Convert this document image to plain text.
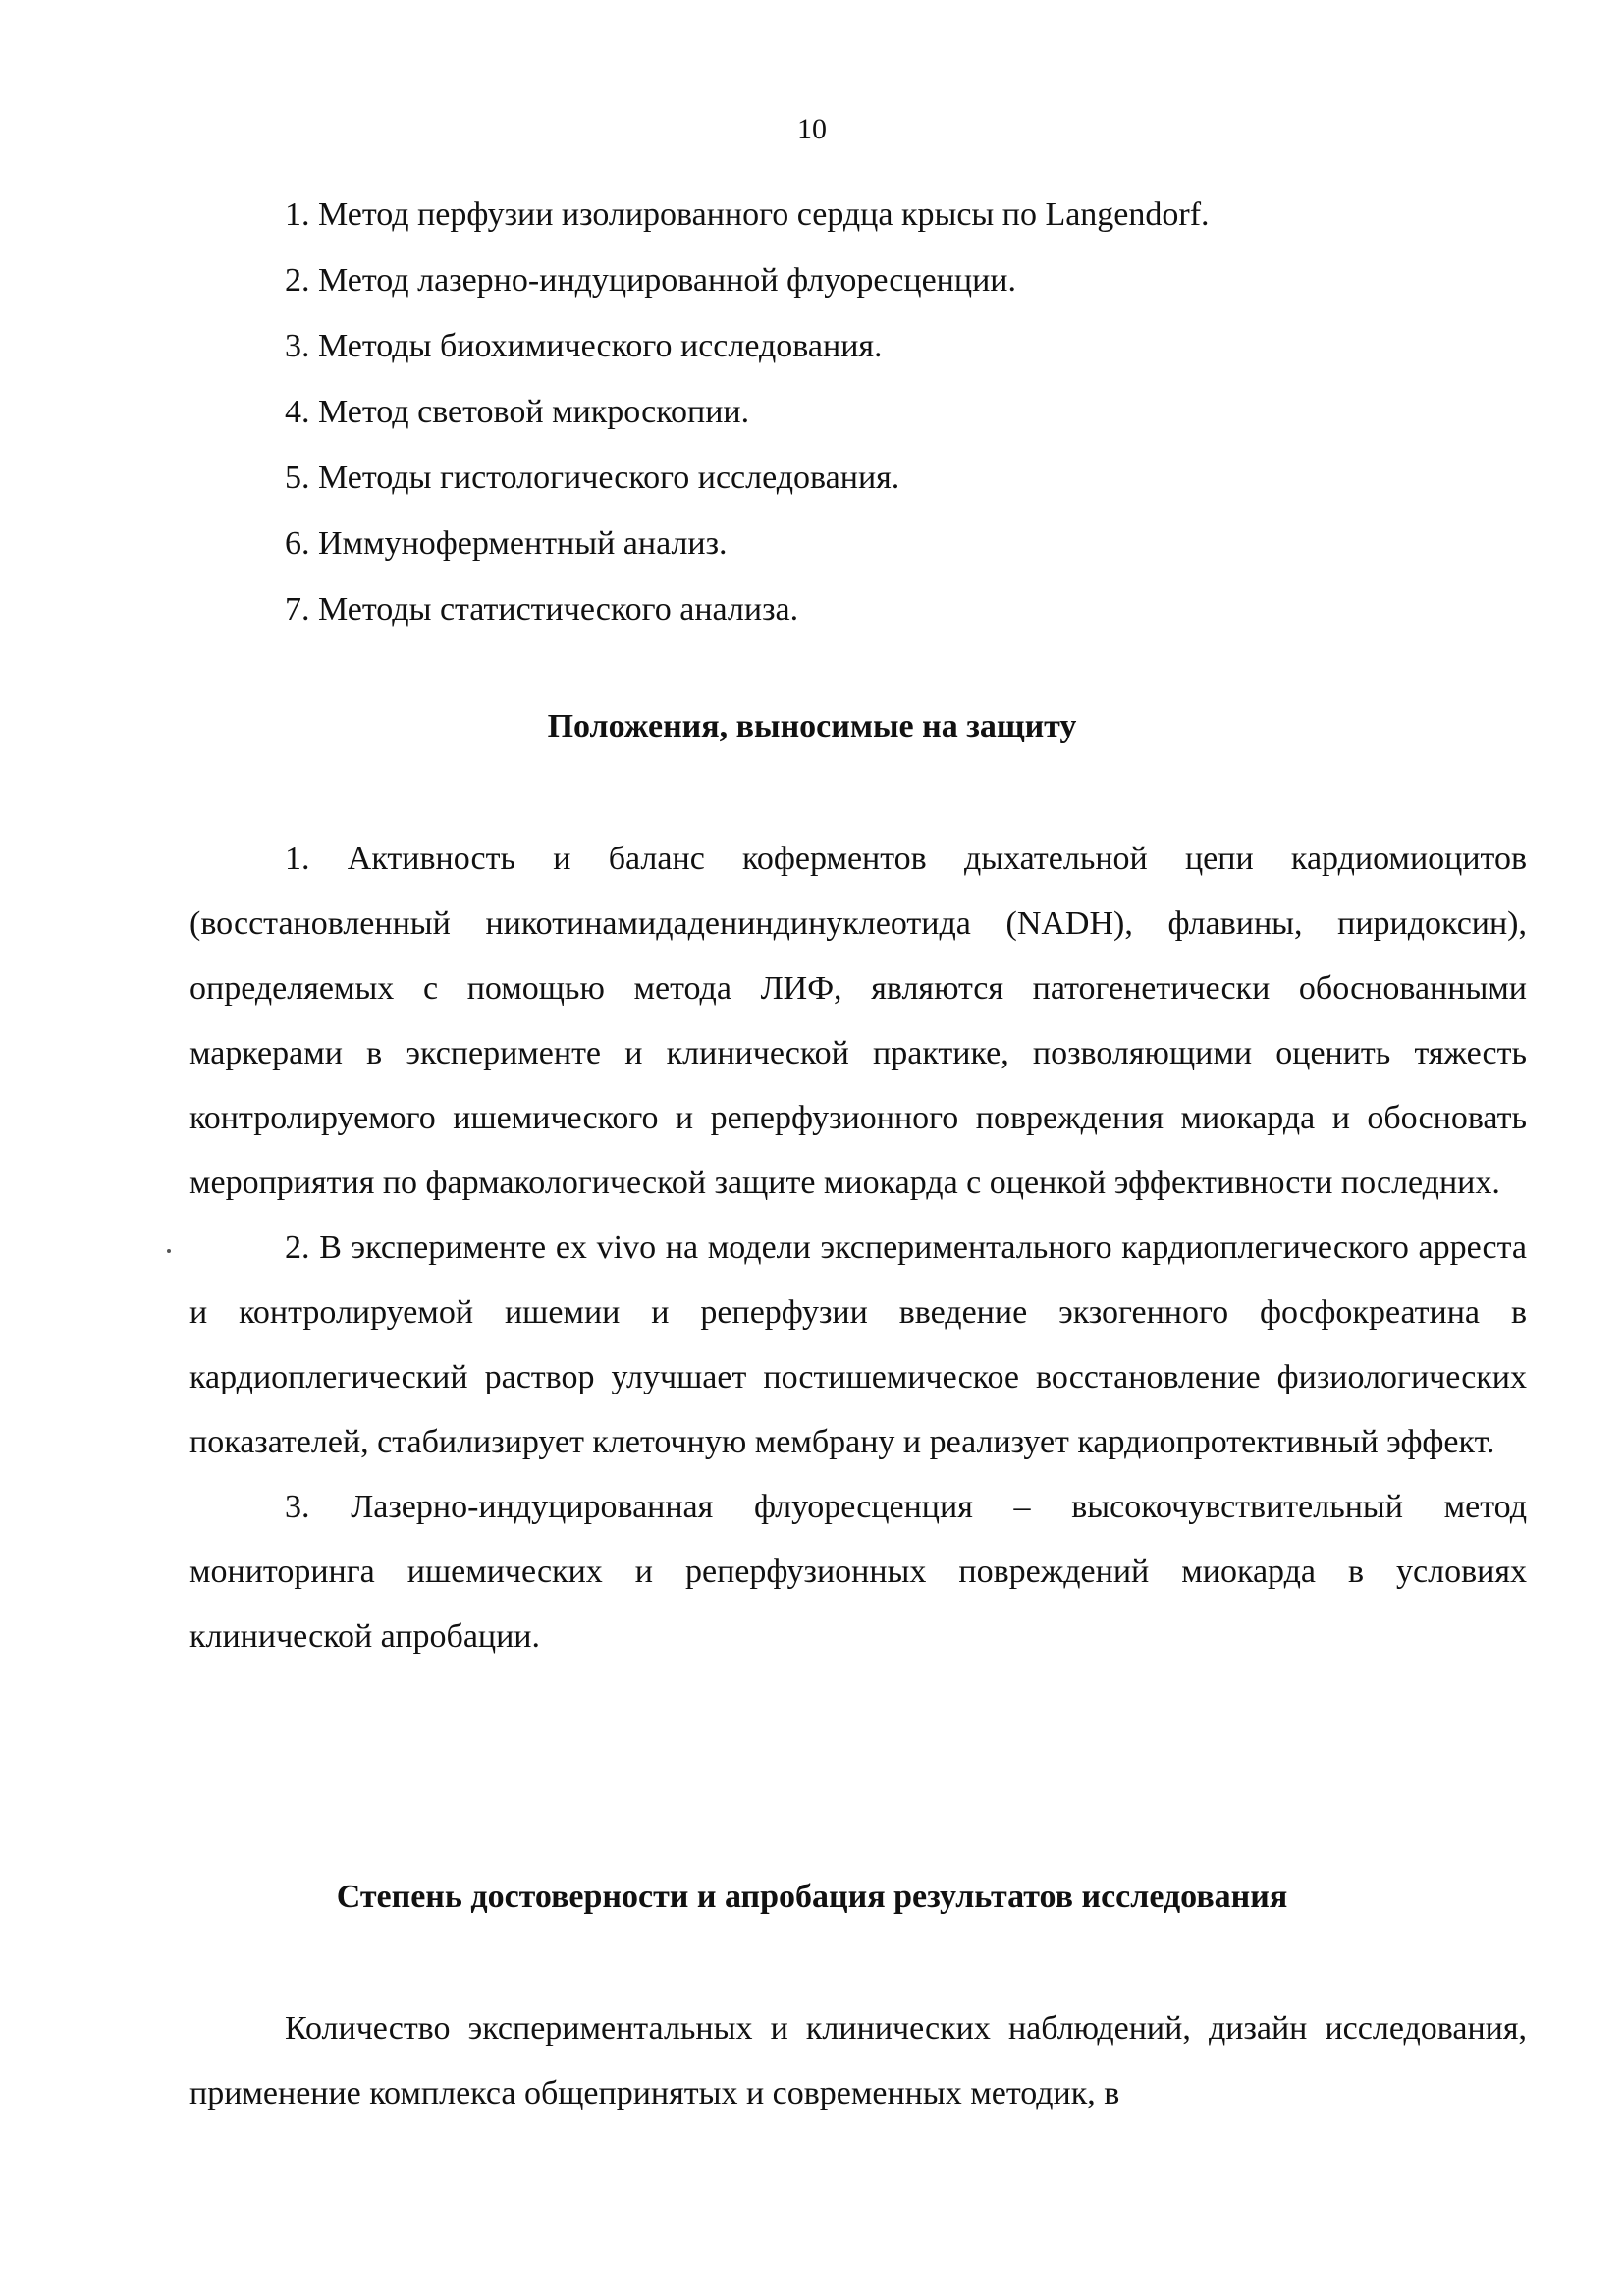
10
1. Метод перфузии изолированного сердца крысы по Langendorf.
2. Метод лазерно-индуцированной флуоресценции.
3. Методы биохимического исследования.
4. Метод световой микроскопии.
5. Методы гистологического исследования.
6. Иммуноферментный анализ.
7. Методы статистического анализа.
Положения, выносимые на защиту

1. Активность и баланс коферментов дыхательной цепи кардиомиоцитов (восстановленный никотинамидадениндинуклеотида (NADH), флавины, пиридоксин), определяемых с помощью метода ЛИФ, являются патогенетически обоснованными маркерами в эксперименте и клинической практике, позволяющими оценить тяжесть контролируемого ишемического и реперфузионного повреждения миокарда и обосновать мероприятия по фармакологической защите миокарда с оценкой эффективности последних.

2. В эксперименте ex vivo на модели экспериментального кардиоплегического арреста и контролируемой ишемии и реперфузии введение экзогенного фосфокреатина в кардиоплегический раствор улучшает постишемическое восстановление физиологических показателей, стабилизирует клеточную мембрану и реализует кардиопротективный эффект.

3. Лазерно-индуцированная флуоресценция – высокочувствительный метод мониторинга ишемических и реперфузионных повреждений миокарда в условиях клинической апробации.

Степень достоверности и апробация результатов исследования

Количество экспериментальных и клинических наблюдений, дизайн исследования, применение комплекса общепринятых и современных методик, в
